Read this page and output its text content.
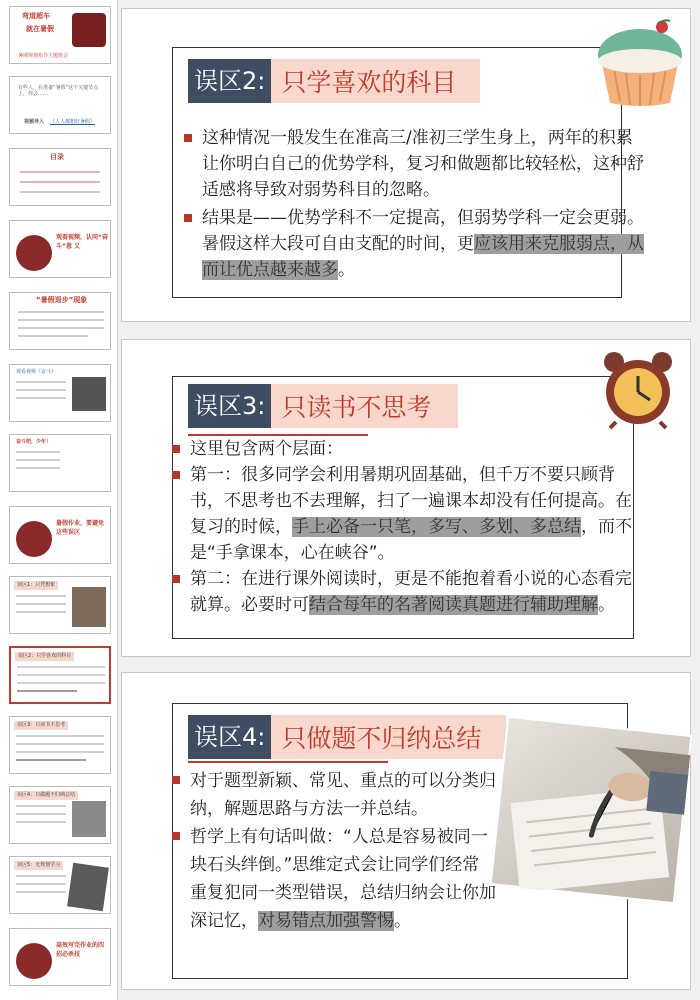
弯道超车
就在暑假
暑期规划指导主题班会
有些人，在准备“暑假”这个关键节点上，你会……
视频导入 《人人都想好暑假》
目录
观看视频，认同“奋 斗”意 义
“暑假退步”现象
观看视频《奋斗》
奋斗吧，少年！
暑假作业，要避免这些误区
误区1：只凭想象
误区2：只学喜欢的科目
误区3：只读书不思考
误区4：只做题不归纳总结
误区5：无规划学习
高效写完作业的四招必杀技
误区2: 只学喜欢的科目
这种情况一般发生在准高三/准初三学生身上，两年的积累让你明白自己的优势学科，复习和做题都比较轻松，这种舒适感将导致对弱势科目的忽略。
结果是——优势学科不一定提高，但弱势学科一定会更弱。暑假这样大段可自由支配的时间，更应该用来克服弱点，从而让优点越来越多。
误区3: 只读书不思考
这里包含两个层面：
第一：很多同学会利用暑期巩固基础，但千万不要只顾背书，不思考也不去理解，扫了一遍课本却没有任何提高。在复习的时候，手上必备一只笔，多写、多划、多总结，而不是“手拿课本，心在峡谷”。
第二：在进行课外阅读时，更是不能抱着看小说的心态看完就算。必要时可结合每年的名著阅读真题进行辅助理解。
误区4: 只做题不归纳总结
对于题型新颖、常见、重点的可以分类归纳，解题思路与方法一并总结。
哲学上有句话叫做：“人总是容易被同一块石头绊倒。”思维定式会让同学们经常重复犯同一类型错误，总结归纳会让你加深记忆，对易错点加强警惕。
